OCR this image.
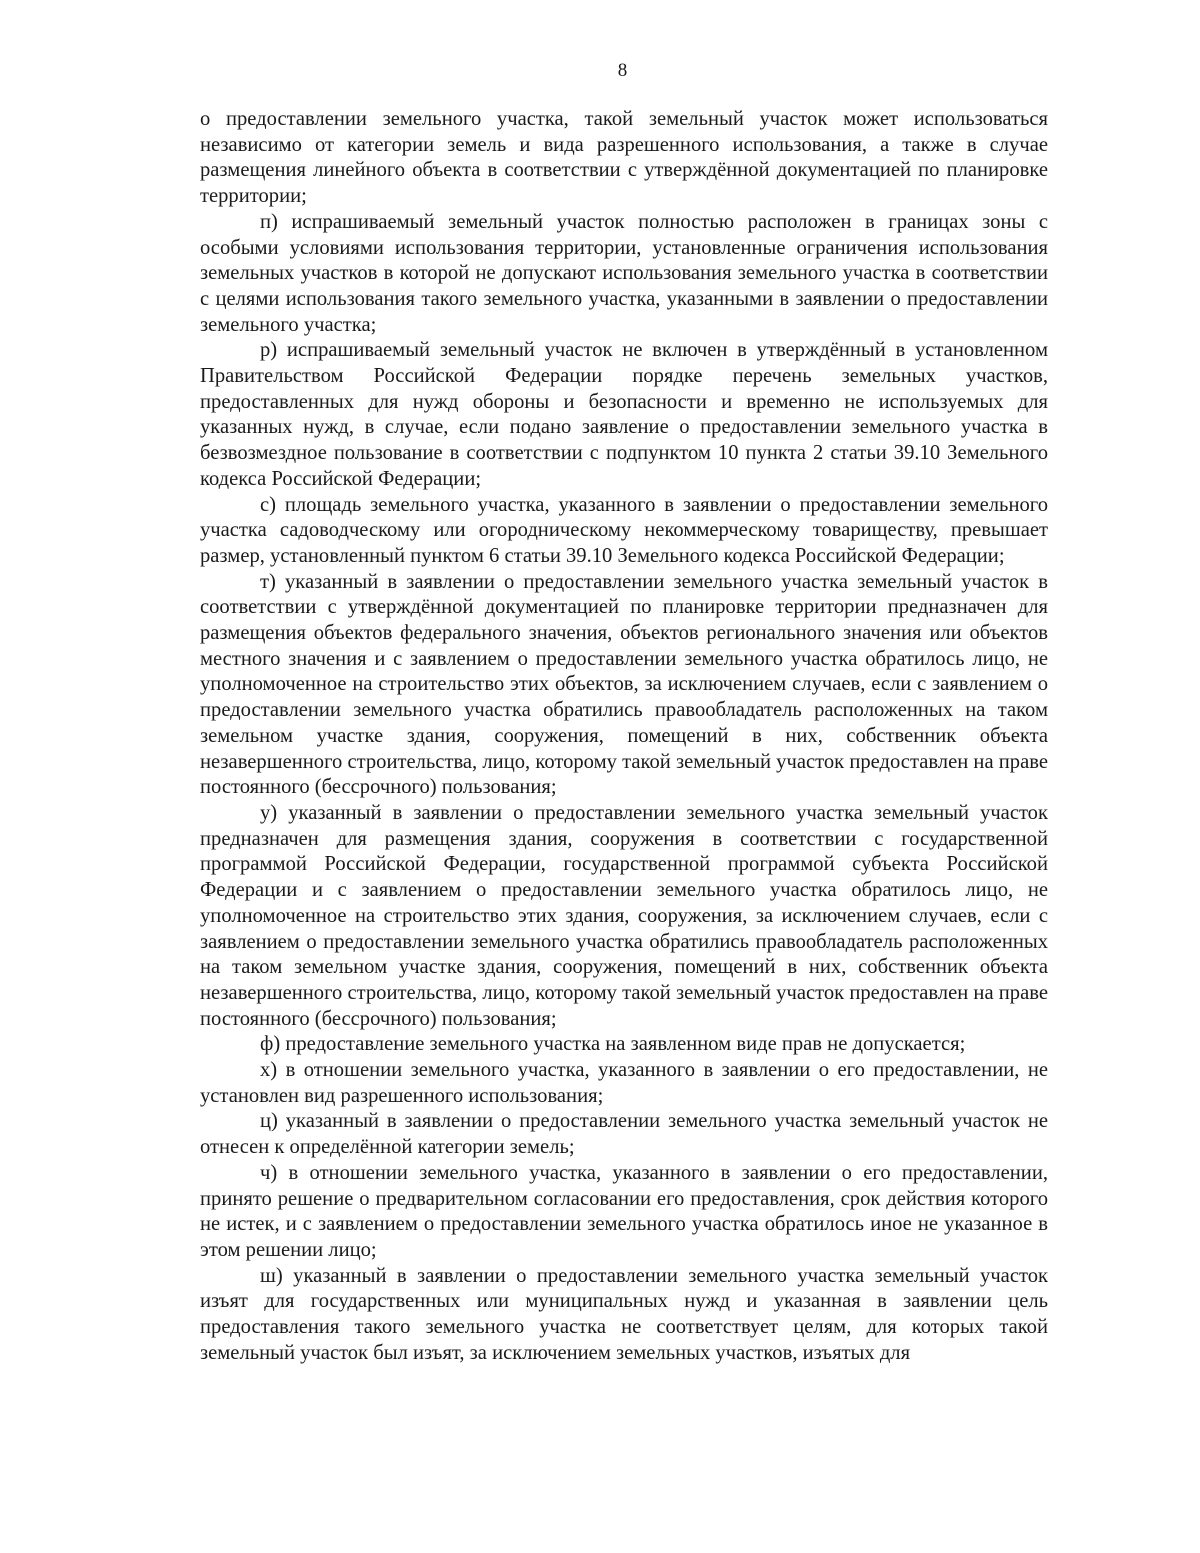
8

о предоставлении земельного участка, такой земельный участок может использоваться независимо от категории земель и вида разрешенного использования, а также в случае размещения линейного объекта в соответствии с утверждённой документацией по планировке территории;

п) испрашиваемый земельный участок полностью расположен в границах зоны с особыми условиями использования территории, установленные ограничения использования земельных участков в которой не допускают использования земельного участка в соответствии с целями использования такого земельного участка, указанными в заявлении о предоставлении земельного участка;

р) испрашиваемый земельный участок не включен в утверждённый в установленном Правительством Российской Федерации порядке перечень земельных участков, предоставленных для нужд обороны и безопасности и временно не используемых для указанных нужд, в случае, если подано заявление о предоставлении земельного участка в безвозмездное пользование в соответствии с подпунктом 10 пункта 2 статьи 39.10 Земельного кодекса Российской Федерации;

с) площадь земельного участка, указанного в заявлении о предоставлении земельного участка садоводческому или огородническому некоммерческому товариществу, превышает размер, установленный пунктом 6 статьи 39.10 Земельного кодекса Российской Федерации;

т) указанный в заявлении о предоставлении земельного участка земельный участок в соответствии с утверждённой документацией по планировке территории предназначен для размещения объектов федерального значения, объектов регионального значения или объектов местного значения и с заявлением о предоставлении земельного участка обратилось лицо, не уполномоченное на строительство этих объектов, за исключением случаев, если с заявлением о предоставлении земельного участка обратились правообладатель расположенных на таком земельном участке здания, сооружения, помещений в них, собственник объекта незавершенного строительства, лицо, которому такой земельный участок предоставлен на праве постоянного (бессрочного) пользования;

у) указанный в заявлении о предоставлении земельного участка земельный участок предназначен для размещения здания, сооружения в соответствии с государственной программой Российской Федерации, государственной программой субъекта Российской Федерации и с заявлением о предоставлении земельного участка обратилось лицо, не уполномоченное на строительство этих здания, сооружения, за исключением случаев, если с заявлением о предоставлении земельного участка обратились правообладатель расположенных на таком земельном участке здания, сооружения, помещений в них, собственник объекта незавершенного строительства, лицо, которому такой земельный участок предоставлен на праве постоянного (бессрочного) пользования;

ф) предоставление земельного участка на заявленном виде прав не допускается;

х) в отношении земельного участка, указанного в заявлении о его предоставлении, не установлен вид разрешенного использования;

ц) указанный в заявлении о предоставлении земельного участка земельный участок не отнесен к определённой категории земель;

ч) в отношении земельного участка, указанного в заявлении о его предоставлении, принято решение о предварительном согласовании его предоставления, срок действия которого не истек, и с заявлением о предоставлении земельного участка обратилось иное не указанное в этом решении лицо;

ш) указанный в заявлении о предоставлении земельного участка земельный участок изъят для государственных или муниципальных нужд и указанная в заявлении цель предоставления такого земельного участка не соответствует целям, для которых такой земельный участок был изъят, за исключением земельных участков, изъятых для
